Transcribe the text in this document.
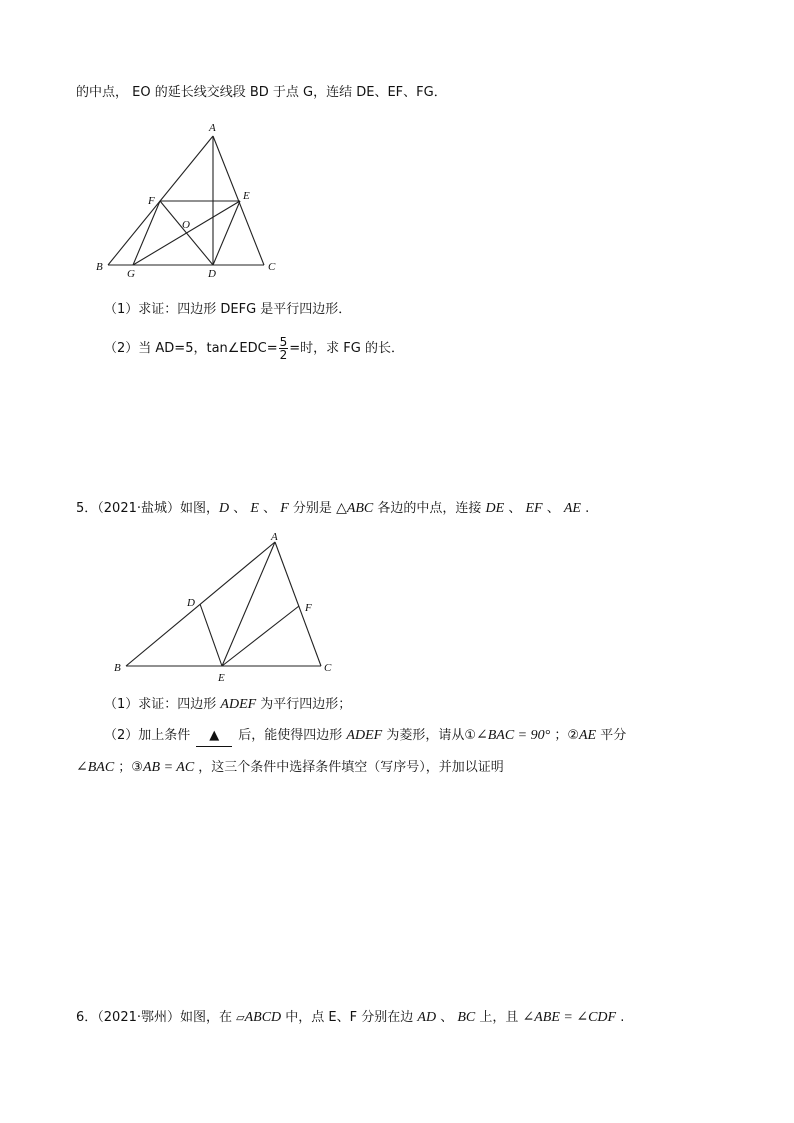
的中点， EO 的延长线交线段 BD 于点 G，连结 DE、EF、FG．
A
B	C
D
E
F
G
O
（1）求证：四边形 DEFG 是平行四边形．
（2）当 AD=5，tan∠EDC= $\frac{5}{2}$ =时，求 FG 的长．
5．（2021·盐城）如图，D 、 E 、 F 分别是 △ABC 各边的中点，连接 DE 、 EF 、 AE .
A
B	C
D
E
F
（1）求证：四边形 ADEF 为平行四边形；
（2）加上条件 ▲ 后，能使得四边形 ADEF 为菱形，请从①∠BAC = 90° ；②AE 平分
∠BAC ；③AB = AC ，这三个条件中选择条件填空（写序号），并加以证明
6．（2021·鄂州）如图，在 ▱ABCD 中，点 E、F 分别在边 AD 、 BC 上，且 ∠ABE = ∠CDF .
